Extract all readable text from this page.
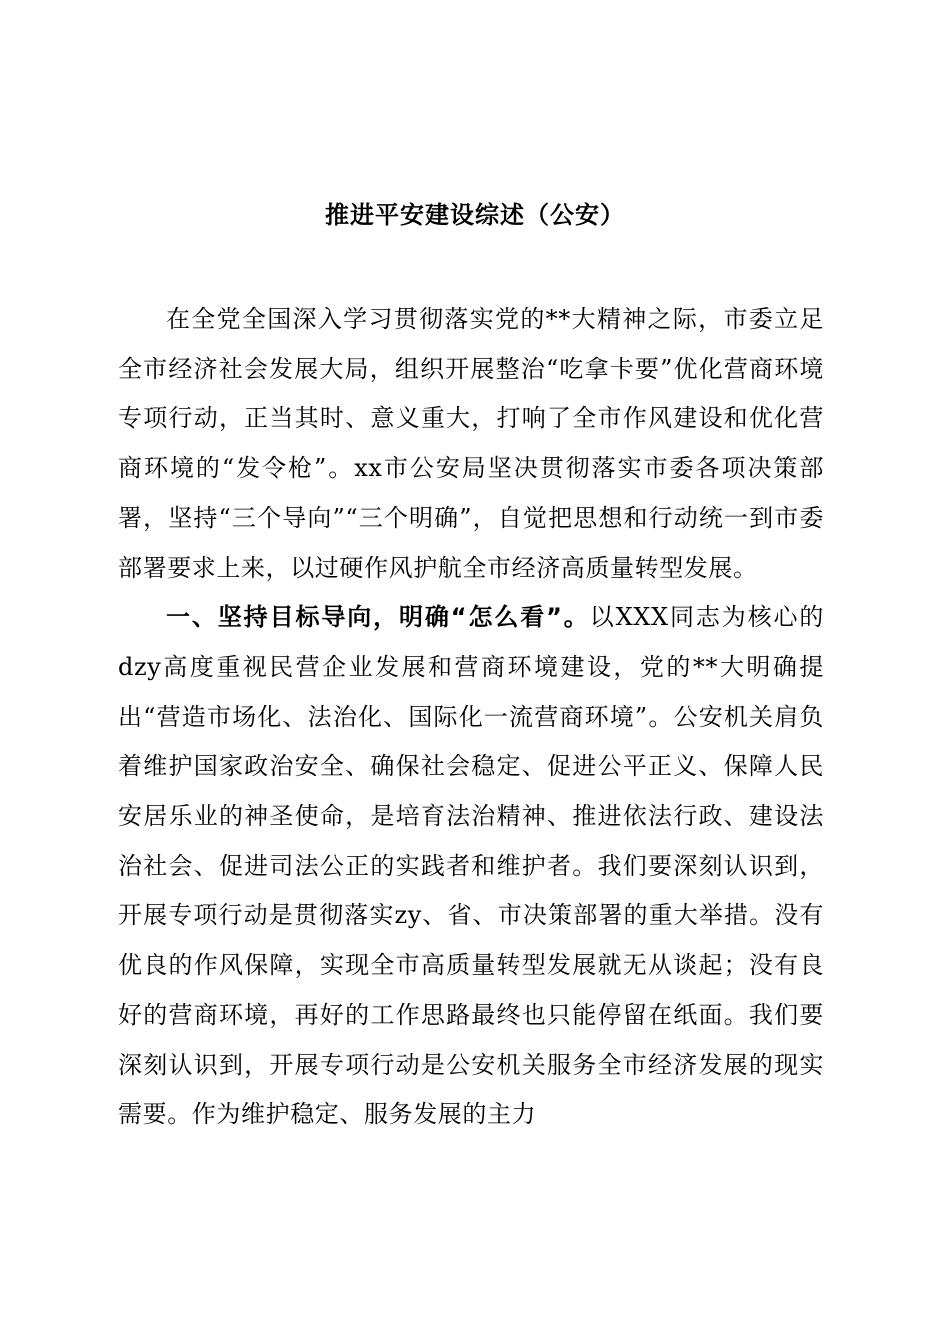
推进平安建设综述（公安）

在全党全国深入学习贯彻落实党的**大精神之际，市委立足全市经济社会发展大局，组织开展整治“吃拿卡要”优化营商环境专项行动，正当其时、意义重大，打响了全市作风建设和优化营商环境的“发令枪”。xx市公安局坚决贯彻落实市委各项决策部署，坚持“三个导向”“三个明确”，自觉把思想和行动统一到市委部署要求上来，以过硬作风护航全市经济高质量转型发展。

一、坚持目标导向，明确“怎么看”。以XXX同志为核心的dzy高度重视民营企业发展和营商环境建设，党的**大明确提出“营造市场化、法治化、国际化一流营商环境”。公安机关肩负着维护国家政治安全、确保社会稳定、促进公平正义、保障人民安居乐业的神圣使命，是培育法治精神、推进依法行政、建设法治社会、促进司法公正的实践者和维护者。我们要深刻认识到，开展专项行动是贯彻落实zy、省、市决策部署的重大举措。没有优良的作风保障，实现全市高质量转型发展就无从谈起；没有良好的营商环境，再好的工作思路最终也只能停留在纸面。我们要深刻认识到，开展专项行动是公安机关服务全市经济发展的现实需要。作为维护稳定、服务发展的主力
